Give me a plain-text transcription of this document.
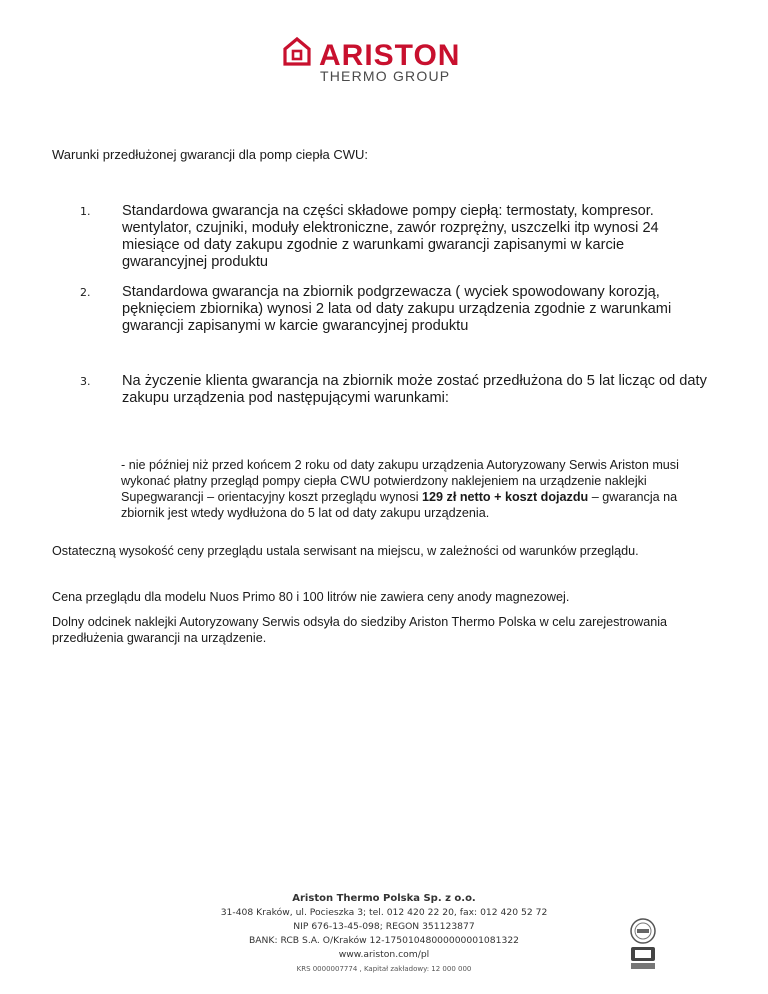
ARISTON
THERMO GROUP
Warunki przedłużonej gwarancji dla pomp ciepła CWU:
1. Standardowa gwarancja na części składowe pompy ciepłą: termostaty, kompresor. wentylator, czujniki, moduły elektroniczne, zawór rozprężny, uszczelki itp wynosi 24 miesiące od daty zakupu zgodnie z warunkami gwarancji zapisanymi w karcie gwarancyjnej produktu
2. Standardowa gwarancja na zbiornik podgrzewacza ( wyciek spowodowany korozją, pęknięciem zbiornika) wynosi 2 lata od daty zakupu urządzenia zgodnie z warunkami gwarancji zapisanymi w karcie gwarancyjnej produktu
3. Na życzenie klienta gwarancja na zbiornik może zostać przedłużona do 5 lat licząc od daty zakupu urządzenia pod następującymi warunkami:
- nie później niż przed końcem 2 roku od daty zakupu urządzenia Autoryzowany Serwis Ariston musi wykonać płatny przegląd pompy ciepła CWU potwierdzony naklejeniem na urządzenie naklejki Supegwarancji – orientacyjny koszt przeglądu wynosi 129 zł netto + koszt dojazdu – gwarancja na zbiornik jest wtedy wydłużona do 5 lat od daty zakupu urządzenia.
Ostateczną wysokość ceny przeglądu ustala serwisant na miejscu, w zależności od warunków przeglądu.
Cena przeglądu dla modelu Nuos Primo 80 i 100 litrów nie zawiera ceny anody magnezowej.
Dolny odcinek naklejki Autoryzowany Serwis odsyła do siedziby Ariston Thermo Polska w celu zarejestrowania przedłużenia gwarancji na urządzenie.
Ariston Thermo Polska Sp. z o.o.
31-408 Kraków, ul. Pocieszka 3; tel. 012 420 22 20, fax: 012 420 52 72
NIP 676-13-45-098; REGON 351123877
BANK: RCB S.A. O/Kraków 12-17501048000000001081322
www.ariston.com/pl
KRS 0000007774 , Kapitał zakładowy: 12 000 000
